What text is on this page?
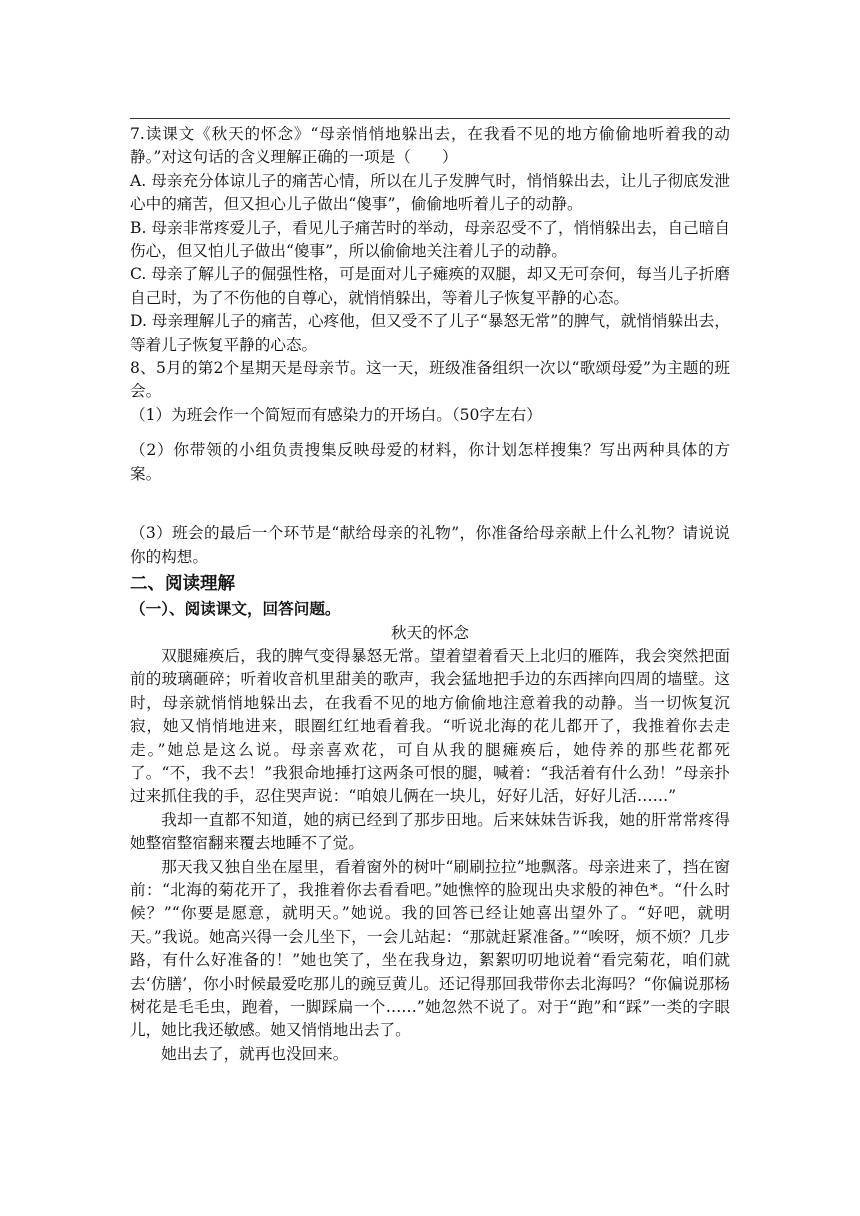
7.读课文《秋天的怀念》“母亲悄悄地躲出去，在我看不见的地方偷偷地听着我的动静。”对这句话的含义理解正确的一项是（　　）

A. 母亲充分体谅儿子的痛苦心情，所以在儿子发脾气时，悄悄躲出去，让儿子彻底发泄心中的痛苦，但又担心儿子做出“傻事”，偷偷地听着儿子的动静。

B. 母亲非常疼爱儿子，看见儿子痛苦时的举动，母亲忍受不了，悄悄躲出去，自己暗自伤心，但又怕儿子做出“傻事”，所以偷偷地关注着儿子的动静。

C. 母亲了解儿子的倔强性格，可是面对儿子瘫痪的双腿，却又无可奈何，每当儿子折磨自己时，为了不伤他的自尊心，就悄悄躲出，等着儿子恢复平静的心态。

D. 母亲理解儿子的痛苦，心疼他，但又受不了儿子“暴怒无常”的脾气，就悄悄躲出去，等着儿子恢复平静的心态。

8、5月的第2个星期天是母亲节。这一天，班级准备组织一次以“歌颂母爱”为主题的班会。

（1）为班会作一个简短而有感染力的开场白。（50字左右）

（2）你带领的小组负责搜集反映母爱的材料，你计划怎样搜集？写出两种具体的方案。

（3）班会的最后一个环节是“献给母亲的礼物”，你准备给母亲献上什么礼物？请说说你的构想。

二、阅读理解

（一）、阅读课文，回答问题。

秋天的怀念

双腿瘫痪后，我的脾气变得暴怒无常。望着望着看天上北归的雁阵，我会突然把面前的玻璃砸碎；听着收音机里甜美的歌声，我会猛地把手边的东西摔向四周的墙壁。这时，母亲就悄悄地躲出去，在我看不见的地方偷偷地注意着我的动静。当一切恢复沉寂，她又悄悄地进来，眼圈红红地看着我。“听说北海的花儿都开了，我推着你去走走。”她总是这么说。母亲喜欢花，可自从我的腿瘫痪后，她侍养的那些花都死了。“不，我不去！”我狠命地捶打这两条可恨的腿，喊着：“我活着有什么劲！”母亲扑过来抓住我的手，忍住哭声说：“咱娘儿俩在一块儿，好好儿活，好好儿活……”

我却一直都不知道，她的病已经到了那步田地。后来妹妹告诉我，她的肝常常疼得她整宿整宿翻来覆去地睡不了觉。

那天我又独自坐在屋里，看着窗外的树叶“刷刷拉拉”地飘落。母亲进来了，挡在窗前：“北海的菊花开了，我推着你去看看吧。”她憔悴的脸现出央求般的神色*。“什么时候？”“你要是愿意，就明天。”她说。我的回答已经让她喜出望外了。“好吧，就明天。”我说。她高兴得一会儿坐下，一会儿站起：“那就赶紧准备。”“唉呀，烦不烦？几步路，有什么好准备的！”她也笑了，坐在我身边，絮絮叨叨地说着“看完菊花，咱们就去‘仿膳’，你小时候最爱吃那儿的豌豆黄儿。还记得那回我带你去北海吗？“你偏说那杨树花是毛毛虫，跑着，一脚踩扁一个……”她忽然不说了。对于“跑”和“踩”一类的字眼儿，她比我还敏感。她又悄悄地出去了。

她出去了，就再也没回来。
